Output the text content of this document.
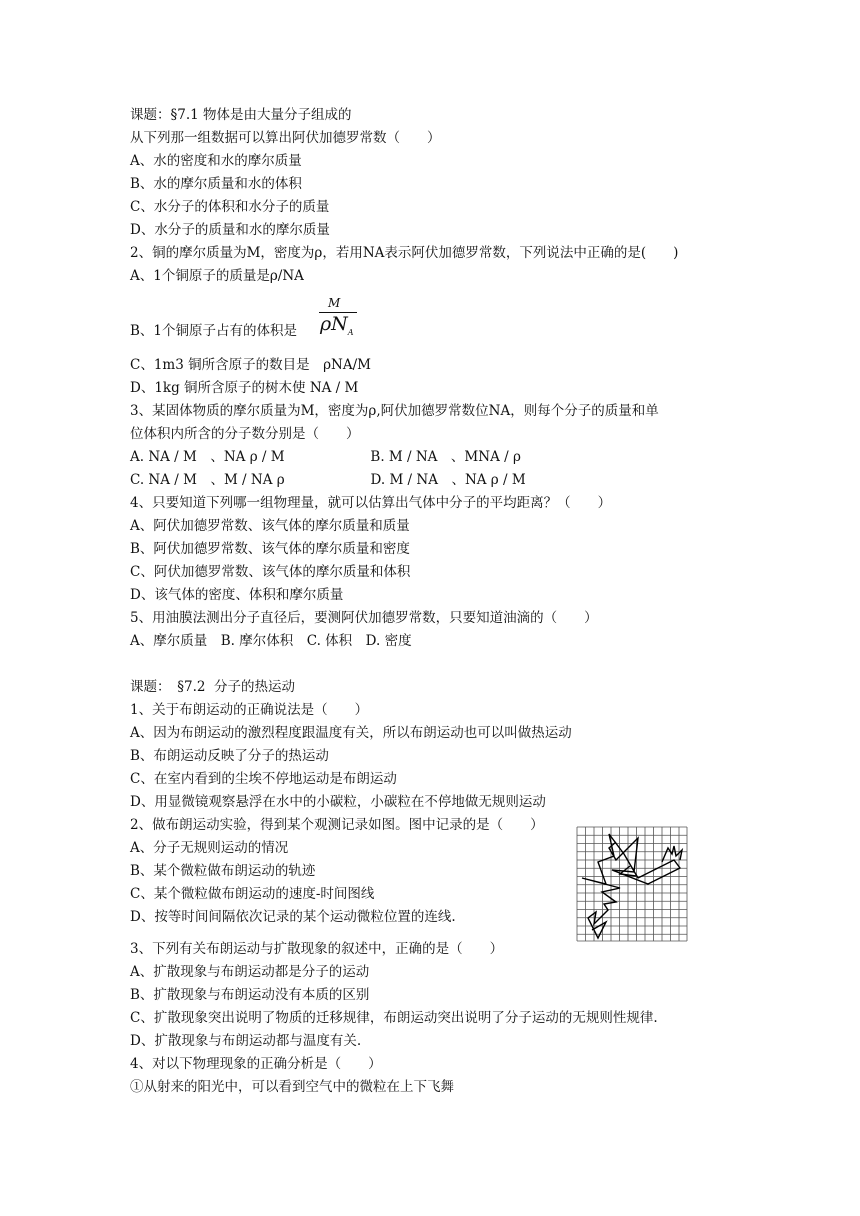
课题：§7.1 物体是由大量分子组成的
从下列那一组数据可以算出阿伏加德罗常数（　　）
A、水的密度和水的摩尔质量
B、水的摩尔质量和水的体积
C、水分子的体积和水分子的质量
D、水分子的质量和水的摩尔质量
2、铜的摩尔质量为M，密度为ρ，若用NA表示阿伏加德罗常数，下列说法中正确的是(　　)
A、1个铜原子的质量是ρ/NA
B、1个铜原子占有的体积是
M
$\rho N_A$
C、1m3 铜所含原子的数目是　ρNA/M
D、1kg 铜所含原子的树木使 NA / M
3、某固体物质的摩尔质量为M，密度为ρ,阿伏加德罗常数位NA，则每个分子的质量和单
位体积内所含的分子数分别是（　　）
A. NA / M　、NA ρ / M                    B. M / NA　、MNA / ρ
C. NA / M　、M / NA ρ                    D. M / NA　、NA ρ / M
4、只要知道下列哪一组物理量，就可以估算出气体中分子的平均距离？（　　）
A、阿伏加德罗常数、该气体的摩尔质量和质量
B、阿伏加德罗常数、该气体的摩尔质量和密度
C、阿伏加德罗常数、该气体的摩尔质量和体积
D、该气体的密度、体积和摩尔质量
5、用油膜法测出分子直径后，要测阿伏加德罗常数，只要知道油滴的（　　）
A、摩尔质量　B. 摩尔体积　C. 体积　D. 密度
课题：　§7.2  分子的热运动
1、关于布朗运动的正确说法是（　　）
A、因为布朗运动的激烈程度跟温度有关，所以布朗运动也可以叫做热运动
B、布朗运动反映了分子的热运动
C、在室内看到的尘埃不停地运动是布朗运动
D、用显微镜观察悬浮在水中的小碳粒，小碳粒在不停地做无规则运动
2、做布朗运动实验，得到某个观测记录如图。图中记录的是（　　）
A、分子无规则运动的情况
B、某个微粒做布朗运动的轨迹
C、某个微粒做布朗运动的速度-时间图线
D、按等时间间隔依次记录的某个运动微粒位置的连线.
3、下列有关布朗运动与扩散现象的叙述中，正确的是（　　）
A、扩散现象与布朗运动都是分子的运动
B、扩散现象与布朗运动没有本质的区别
C、扩散现象突出说明了物质的迁移规律，布朗运动突出说明了分子运动的无规则性规律.
D、扩散现象与布朗运动都与温度有关.
4、对以下物理现象的正确分析是（　　）
①从射来的阳光中，可以看到空气中的微粒在上下飞舞
